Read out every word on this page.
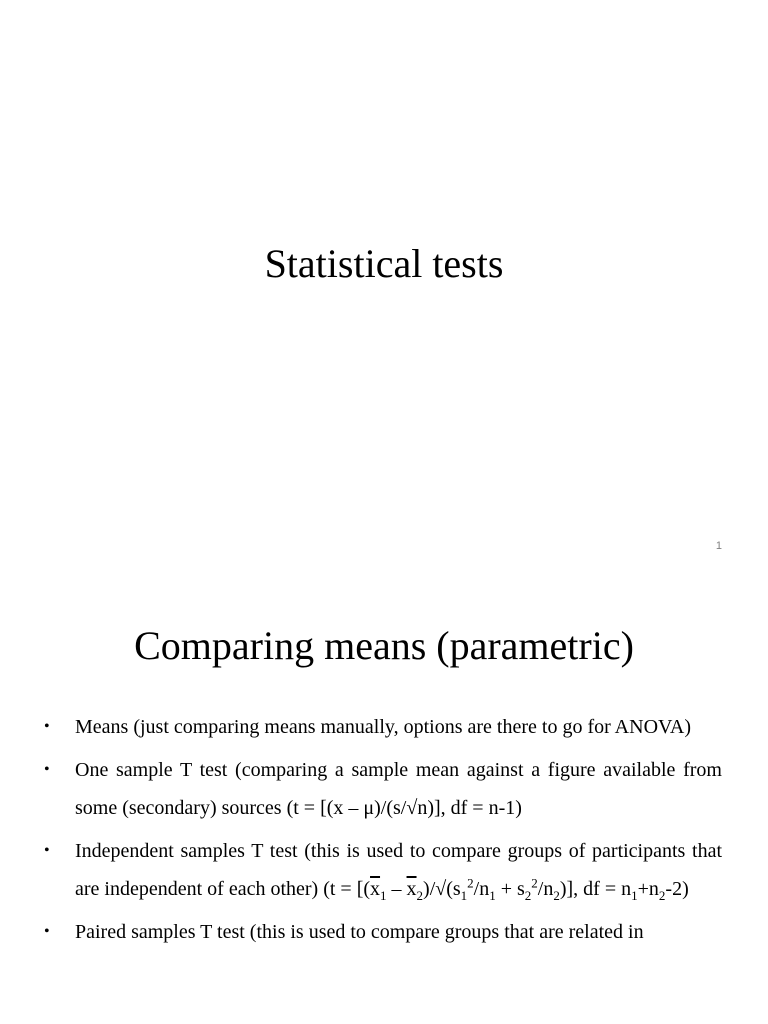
Statistical tests
1
Comparing means (parametric)
• Means (just comparing means manually, options are there to go for ANOVA)
• One sample T test (comparing a sample mean against a figure available from some (secondary) sources (t = [(x – μ)/(s/√n)], df = n-1)
• Independent samples T test (this is used to compare groups of participants that are independent of each other) ($t = [(\overline{x}_1 - \overline{x}_2)/√(s_1^2/n_1 + s_2^2/n_2)]$, df = $n_1+n_2-2$)
• Paired samples T test (this is used to compare groups that are related in
